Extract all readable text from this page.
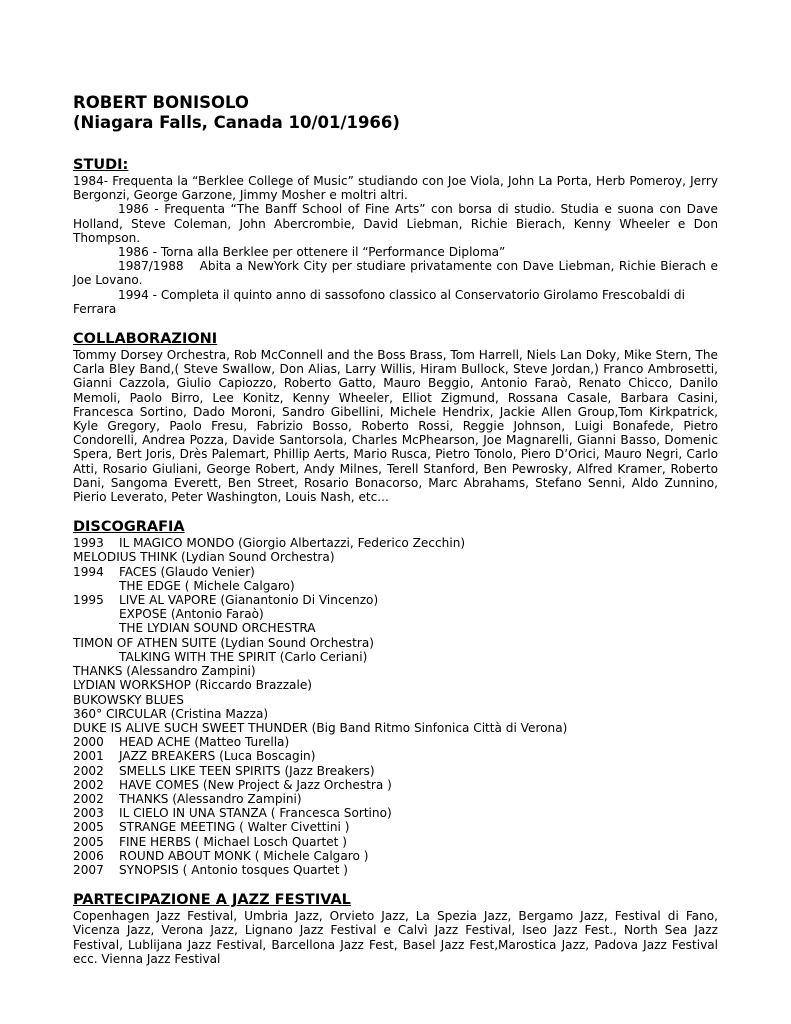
ROBERT BONISOLO

(Niagara Falls, Canada 10/01/1966)

STUDI:

1984- Frequenta la “Berklee College of Music” studiando con Joe Viola, John La Porta, Herb Pomeroy, Jerry Bergonzi, George Garzone, Jimmy Mosher e moltri altri.

1986 - Frequenta “The Banff School of Fine Arts” con borsa di studio. Studia e suona con Dave Holland, Steve Coleman, John Abercrombie, David Liebman, Richie Bierach, Kenny Wheeler e Don Thompson.

1986 - Torna alla Berklee per ottenere il “Performance Diploma”

1987/1988 Abita a NewYork City per studiare privatamente con Dave Liebman, Richie Bierach e Joe Lovano.

1994 - Completa il quinto anno di sassofono classico al Conservatorio Girolamo Frescobaldi di Ferrara

COLLABORAZIONI

Tommy Dorsey Orchestra, Rob McConnell and the Boss Brass, Tom Harrell, Niels Lan Doky, Mike Stern, The Carla Bley Band,( Steve Swallow, Don Alias, Larry Willis, Hiram Bullock, Steve Jordan,) Franco Ambrosetti, Gianni Cazzola, Giulio Capiozzo, Roberto Gatto, Mauro Beggio, Antonio Faraò, Renato Chicco, Danilo Memoli, Paolo Birro, Lee Konitz, Kenny Wheeler, Elliot Zigmund, Rossana Casale, Barbara Casini, Francesca Sortino, Dado Moroni, Sandro Gibellini, Michele Hendrix, Jackie Allen Group,Tom Kirkpatrick, Kyle Gregory, Paolo Fresu, Fabrizio Bosso, Roberto Rossi, Reggie Johnson, Luigi Bonafede, Pietro Condorelli, Andrea Pozza, Davide Santorsola, Charles McPhearson, Joe Magnarelli, Gianni Basso, Domenic Spera, Bert Joris, Drès Palemart, Phillip Aerts, Mario Rusca, Pietro Tonolo, Piero D’Orici, Mauro Negri, Carlo Atti, Rosario Giuliani, George Robert, Andy Milnes, Terell Stanford, Ben Pewrosky, Alfred Kramer, Roberto Dani, Sangoma Everett, Ben Street, Rosario Bonacorso, Marc Abrahams, Stefano Senni, Aldo Zunnino, Pierio Leverato, Peter Washington, Louis Nash, etc...

DISCOGRAFIA

1993	IL MAGICO MONDO (Giorgio Albertazzi, Federico Zecchin)
MELODIUS THINK (Lydian Sound Orchestra)
1994	FACES (Glaudo Venier)
THE EDGE ( Michele Calgaro)
1995	LIVE AL VAPORE (Gianantonio Di Vincenzo)
EXPOSE (Antonio Faraò)
THE LYDIAN SOUND ORCHESTRA
TIMON OF ATHEN SUITE (Lydian Sound Orchestra)
TALKING WITH THE SPIRIT (Carlo Ceriani)
THANKS (Alessandro Zampini)
LYDIAN WORKSHOP (Riccardo Brazzale)
BUKOWSKY BLUES
360° CIRCULAR (Cristina Mazza)
DUKE IS ALIVE SUCH SWEET THUNDER (Big Band Ritmo Sinfonica Città di Verona)
2000	HEAD ACHE (Matteo Turella)
2001	JAZZ BREAKERS (Luca Boscagin)
2002	SMELLS LIKE TEEN SPIRITS (Jazz Breakers)
2002	HAVE COMES (New Project & Jazz Orchestra )
2002	THANKS (Alessandro Zampini)
2003	IL CIELO IN UNA STANZA ( Francesca Sortino)
2005	STRANGE MEETING ( Walter Civettini )
2005	FINE HERBS ( Michael Losch Quartet )
2006	ROUND ABOUT MONK ( Michele Calgaro )
2007	SYNOPSIS ( Antonio tosques Quartet )

PARTECIPAZIONE A JAZZ FESTIVAL

Copenhagen Jazz Festival, Umbria Jazz, Orvieto Jazz, La Spezia Jazz, Bergamo Jazz, Festival di Fano, Vicenza Jazz, Verona Jazz, Lignano Jazz Festival e Calvì Jazz Festival, Iseo Jazz Fest., North Sea Jazz Festival, Lublijana Jazz Festival, Barcellona Jazz Fest, Basel Jazz Fest,Marostica Jazz, Padova Jazz Festival ecc. Vienna Jazz Festival
